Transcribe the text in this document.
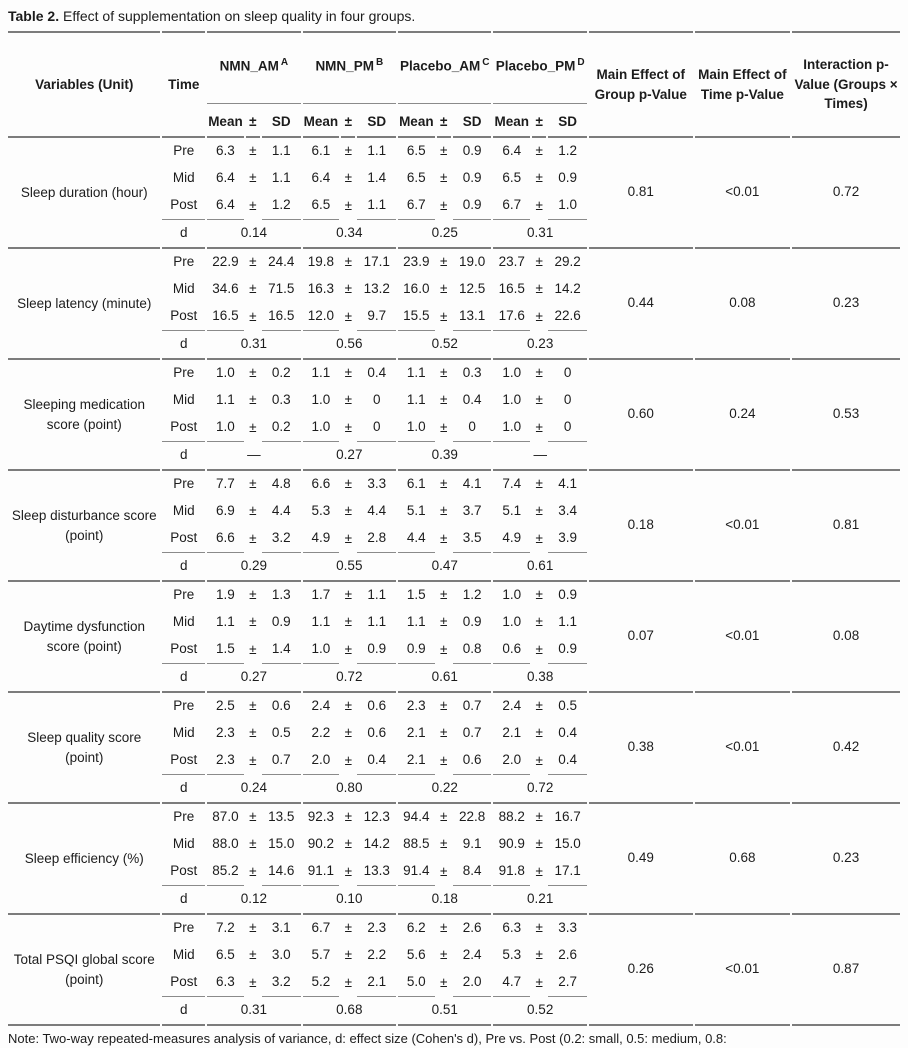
Table 2. Effect of supplementation on sleep quality in four groups.
Variables (Unit)	Time	NMN_AM $^A$			NMN_PM $^B$			Placebo_AM $^C$			Placebo_PM $^D$			Main Effect of Group p-Value	Main Effect of Time p-Value	Interaction p-Value (Groups × Times)
		Mean	±	SD	Mean	±	SD	Mean	±	SD	Mean	±	SD			
Sleep duration (hour)	Pre	6.3	±	1.1	6.1	±	1.1	6.5	±	0.9	6.4	±	1.2	0.81	<0.01	0.72
	Mid	6.4	±	1.1	6.4	±	1.4	6.5	±	0.9	6.5	±	0.9			
	Post	6.4	±	1.2	6.5	±	1.1	6.7	±	0.9	6.7	±	1.0			
	d	0.14			0.34			0.25			0.31					
Sleep latency (minute)	Pre	22.9	±	24.4	19.8	±	17.1	23.9	±	19.0	23.7	±	29.2	0.44	0.08	0.23
	Mid	34.6	±	71.5	16.3	±	13.2	16.0	±	12.5	16.5	±	14.2			
	Post	16.5	±	16.5	12.0	±	9.7	15.5	±	13.1	17.6	±	22.6			
	d	0.31			0.56			0.52			0.23					
Sleeping medication score (point)	Pre	1.0	±	0.2	1.1	±	0.4	1.1	±	0.3	1.0	±	0	0.60	0.24	0.53
	Mid	1.1	±	0.3	1.0	±	0	1.1	±	0.4	1.0	±	0			
	Post	1.0	±	0.2	1.0	±	0	1.0	±	0	1.0	±	0			
	d	—			0.27			0.39			—					
Sleep disturbance score (point)	Pre	7.7	±	4.8	6.6	±	3.3	6.1	±	4.1	7.4	±	4.1	0.18	<0.01	0.81
	Mid	6.9	±	4.4	5.3	±	4.4	5.1	±	3.7	5.1	±	3.4			
	Post	6.6	±	3.2	4.9	±	2.8	4.4	±	3.5	4.9	±	3.9			
	d	0.29			0.55			0.47			0.61					
Daytime dysfunction score (point)	Pre	1.9	±	1.3	1.7	±	1.1	1.5	±	1.2	1.0	±	0.9	0.07	<0.01	0.08
	Mid	1.1	±	0.9	1.1	±	1.1	1.1	±	0.9	1.0	±	1.1			
	Post	1.5	±	1.4	1.0	±	0.9	0.9	±	0.8	0.6	±	0.9			
	d	0.27			0.72			0.61			0.38					
Sleep quality score (point)	Pre	2.5	±	0.6	2.4	±	0.6	2.3	±	0.7	2.4	±	0.5	0.38	<0.01	0.42
	Mid	2.3	±	0.5	2.2	±	0.6	2.1	±	0.7	2.1	±	0.4			
	Post	2.3	±	0.7	2.0	±	0.4	2.1	±	0.6	2.0	±	0.4			
	d	0.24			0.80			0.22			0.72					
Sleep efficiency (%)	Pre	87.0	±	13.5	92.3	±	12.3	94.4	±	22.8	88.2	±	16.7	0.49	0.68	0.23
	Mid	88.0	±	15.0	90.2	±	14.2	88.5	±	9.1	90.9	±	15.0			
	Post	85.2	±	14.6	91.1	±	13.3	91.4	±	8.4	91.8	±	17.1			
	d	0.12			0.10			0.18			0.21					
Total PSQI global score (point)	Pre	7.2	±	3.1	6.7	±	2.3	6.2	±	2.6	6.3	±	3.3	0.26	<0.01	0.87
	Mid	6.5	±	3.0	5.7	±	2.2	5.6	±	2.4	5.3	±	2.6			
	Post	6.3	±	3.2	5.2	±	2.1	5.0	±	2.0	4.7	±	2.7			
	d	0.31			0.68			0.51			0.52					
Note: Two-way repeated-measures analysis of variance, d: effect size (Cohen's d), Pre vs. Post (0.2: small, 0.5: medium, 0.8:
